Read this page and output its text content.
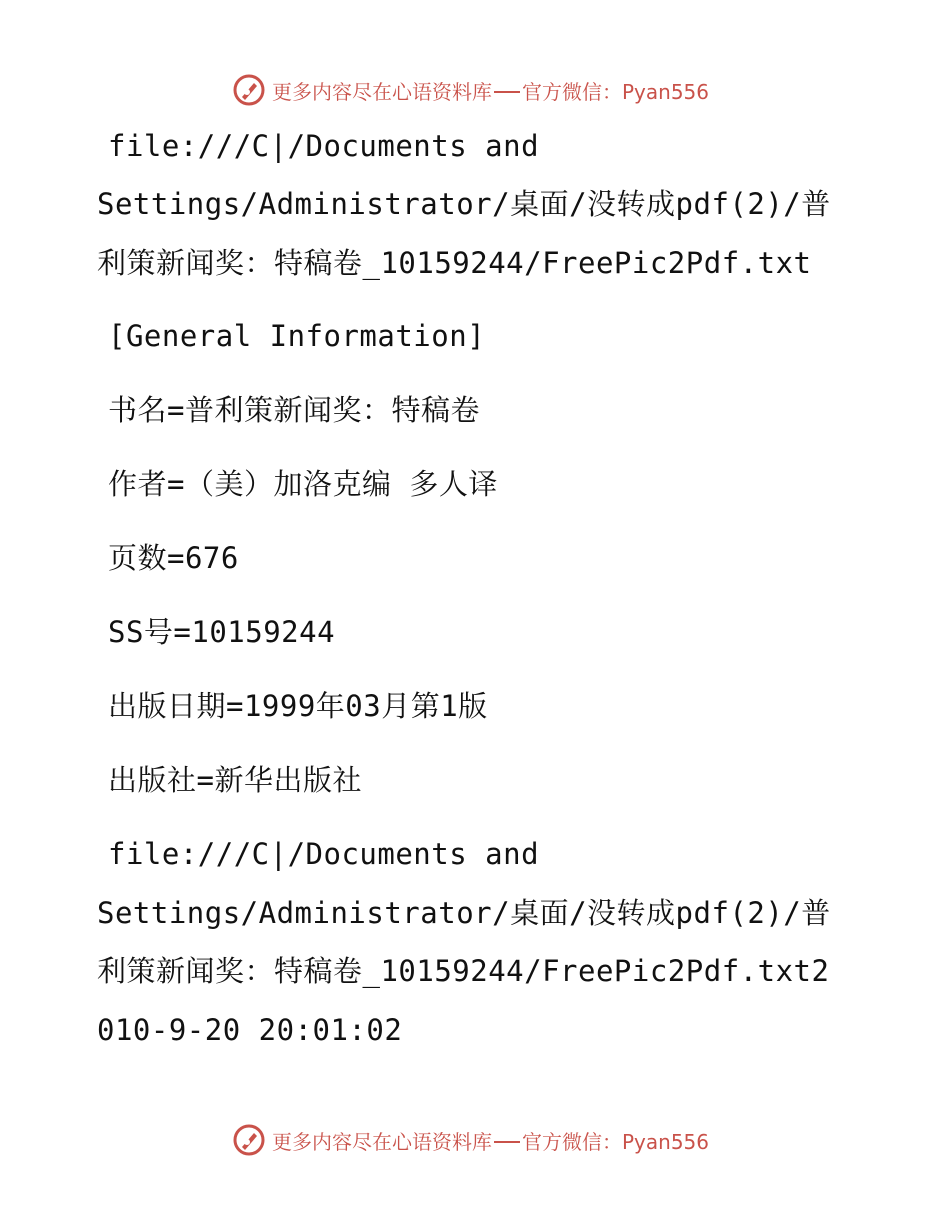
更多内容尽在心语资料库 官方微信：Pyan556
file:///C|/Documents and
Settings/Administrator/桌面/没转成pdf(2)/普
利策新闻奖：特稿卷_10159244/FreePic2Pdf.txt
[General Information]
书名=普利策新闻奖：特稿卷
作者=（美）加洛克编 多人译
页数=676
SS号=10159244
出版日期=1999年03月第1版
出版社=新华出版社
file:///C|/Documents and
Settings/Administrator/桌面/没转成pdf(2)/普
利策新闻奖：特稿卷_10159244/FreePic2Pdf.txt2
010-9-20 20:01:02
更多内容尽在心语资料库 官方微信：Pyan556
